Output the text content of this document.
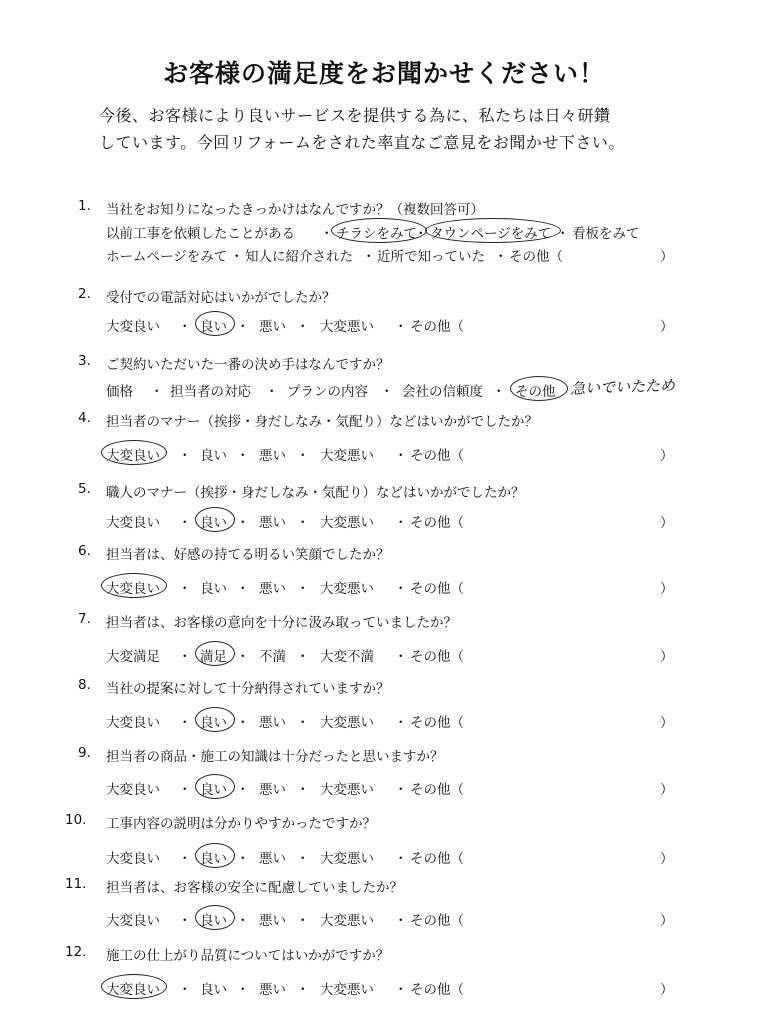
お客様の満足度をお聞かせください！
今後、お客様により良いサービスを提供する為に、私たちは日々研鑽
しています。今回リフォームをされた率直なご意見をお聞かせ下さい。
1. 当社をお知りになったきっかけはなんですか？（複数回答可）
以前工事を依頼したことがある	チラシをみて タウンページをみて 看板をみて
・	・	・
ホームページをみて 知人に紹介された 近所で知っていた その他（
・	・	・	）
2. 受付での電話対応はいかがでしたか？
大変良い	良い 悪い	大変悪い	その他（
・	・	・	・	）
3. ご契約いただいた一番の決め手はなんですか？
価格	担当者の対応	プランの内容	会社の信頼度 その他
・	・	・	・	急いでいたため
4. 担当者のマナー（挨拶・身だしなみ・気配り）などはいかがでしたか？
大変良い	良い 悪い	大変悪い	その他（
・	・	・	・	）
5. 職人のマナー（挨拶・身だしなみ・気配り）などはいかがでしたか？
大変良い	良い 悪い	大変悪い	その他（
・	・	・	・	）
6. 担当者は、好感の持てる明るい笑顔でしたか？
大変良い	良い 悪い	大変悪い	その他（
・	・	・	・	）
7. 担当者は、お客様の意向を十分に汲み取っていましたか？
大変満足	満足 不満	大変不満	その他（
・	・	・	・	）
8. 当社の提案に対して十分納得されていますか？
大変良い	良い 悪い	大変悪い	その他（
・	・	・	・	）
9. 担当者の商品・施工の知識は十分だったと思いますか？
大変良い	良い 悪い	大変悪い	その他（
・	・	・	・	）
10. 工事内容の説明は分かりやすかったですか？
大変良い	良い 悪い	大変悪い	その他（
・	・	・	・	）
11. 担当者は、お客様の安全に配慮していましたか？
大変良い	良い 悪い	大変悪い	その他（
・	・	・	・	）
12. 施工の仕上がり品質についてはいかがですか？
大変良い	良い 悪い	大変悪い	その他（
・	・	・	・	）
